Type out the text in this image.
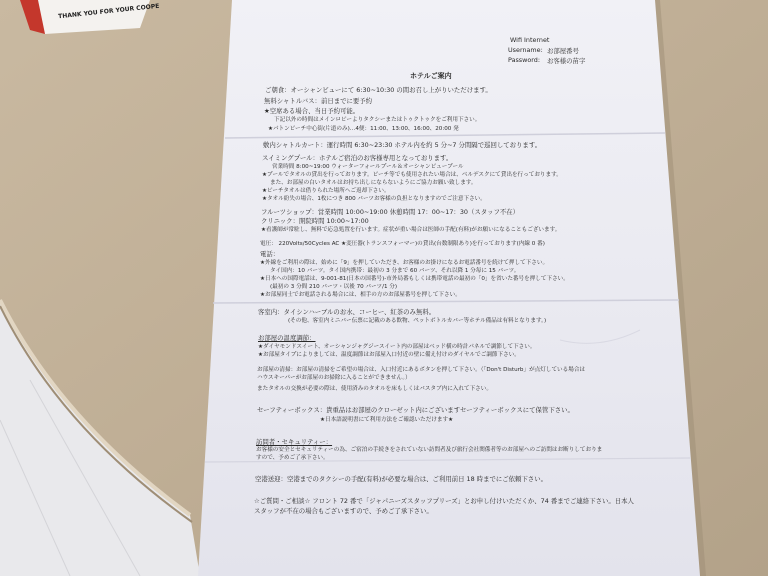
THANK YOU FOR YOUR COOPE
Wifi Internet
Username: お部屋番号
Password: お客様の苗字
ホテルご案内
ご朝食：オーシャンビューにて 6:30~10:30 の間お召し上がりいただけます。
無料シャトルバス：前日までに要予約
★空席ある場合、当日予約可能。
下記以外の時間はメインロビーよりタクシーまたはトゥクトゥクをご利用下さい。
★パトンビーチ中心街(片道のみ)…4便：11:00、13:00、16:00、20:00 発
敷内シャトルカート：運行時間 6:30~23:30 ホテル内を約 5 分~7 分間隔で巡回しております。
スイミングプール：ホテルご宿泊のお客様専用となっております。
営業時間 8:00~19:00 ウォーターフォールプール＆オーシャンビュープール
★プールでタオルの貸出を行っております。ビーチ等でも使用されたい場合は、ベルデスクにて貸出を行っております。
また、お部屋の白いタオルはお持ち出しにならないようにご協力お願い致します。
★ビーチタオルは借りられた場所へご返却下さい。
★タオル紛失の場合、1枚につき 800 バーツお客様の負担となりますのでご注意下さい。
フルーツショップ：営業時間 10:00~19:00 休憩時間 17：00~17：30（スタッフ不在）
クリニック：開院時間 10:00~17:00
★看護師が常駐し、無料で応急処置を行います。症状が重い場合は医師の手配(有料)がお願いになることもございます。
電圧： 220Volts/50Cycles AC ★変圧器(トランスフォーマー)の貸出(台数制限あり)を行っております(内線 0 番)
電話：
★外線をご利用の際は、始めに「9」を押していただき、お客様のお掛けになるお電話番号を続けて押して下さい。
タイ国内：10 バーツ。タイ国内携帯：最初の 3 分まで 60 バーツ、それ以降 1 分毎に 15 バーツ。
★日本への国際電話は、9-001-81(日本の国番号)-市外局番もしくは携帯電話の最初の「0」を省いた番号を押して下さい。
(最初の 3 分間 210 バーツ・以後 70 バーツ/1 分)
★お部屋同士でお電話される場合には、相手の方のお部屋番号を押して下さい。
客室内：タイシンハーブルのお水、コーヒー、紅茶のみ無料。
(その他、客室内ミニバー伝票に記載のある飲物、ペットボトルカバー等ホテル備品は有料となります。)
お部屋の温度調節：
★ダイヤモンドスイート、オーシャンジャグジースイート内の部屋はベッド横の時計パネルで調節して下さい。
★お部屋タイプによりましては、温度調節はお部屋入口付近の壁に備え付けのダイヤルでご調節下さい。
お部屋の清掃：お部屋の清掃をご希望の場合は、入口付近にあるボタンを押して下さい。（「Don't Disturb」が点灯している場合はハウスキーパーがお部屋のお掃除に入ることができません。）
またタオルの交換が必要の際は、使用済みのタオルを床もしくはバスタブ内に入れて下さい。
セーフティーボックス：貴重品はお部屋のクローゼット内にございますセーフティーボックスにて保管下さい。
★日本語説明書にて利用方法をご確認いただけます★
訪問者・セキュリティー：
お客様の安全とセキュリティーの為、ご宿泊の手続きをされていない訪問者及び旅行会社関係者等のお部屋へのご訪問はお断りしておりますので、予めご了承下さい。
空港送迎：空港までのタクシーの手配(有料)が必要な場合は、ご利用前日 18 時までにご依頼下さい。
☆ご質問・ご相談☆ フロント 72 番で「ジャパニーズスタッフプリーズ」とお申し付けいただくか、74 番までご連絡下さい。日本人スタッフが不在の場合もございますので、予めご了承下さい。
